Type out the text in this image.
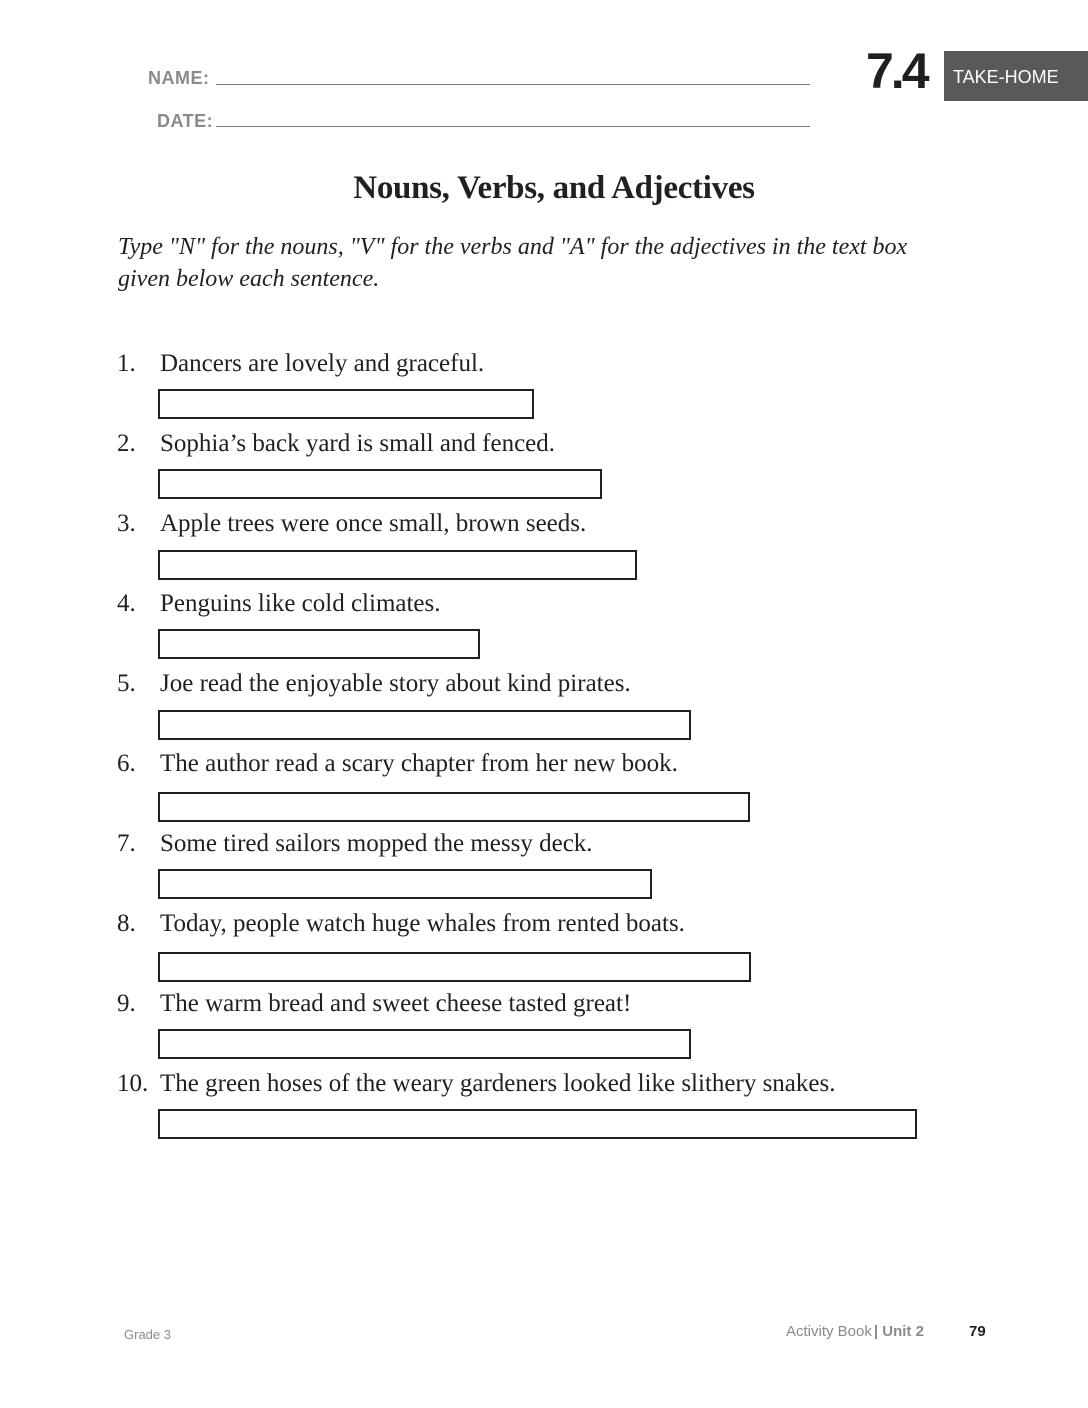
NAME:
DATE:
7.4	TAKE-HOME
Nouns, Verbs, and Adjectives
Type "N" for the nouns, "V" for the verbs and "A" for the adjectives in the text box given below each sentence.
1. Dancers are lovely and graceful.
2. Sophia’s back yard is small and fenced.
3. Apple trees were once small, brown seeds.
4. Penguins like cold climates.
5. Joe read the enjoyable story about kind pirates.
6. The author read a scary chapter from her new book.
7. Some tired sailors mopped the messy deck.
8. Today, people watch huge whales from rented boats.
9. The warm bread and sweet cheese tasted great!
10. The green hoses of the weary gardeners looked like slithery snakes.
Grade 3	Activity Book | Unit 2	79
